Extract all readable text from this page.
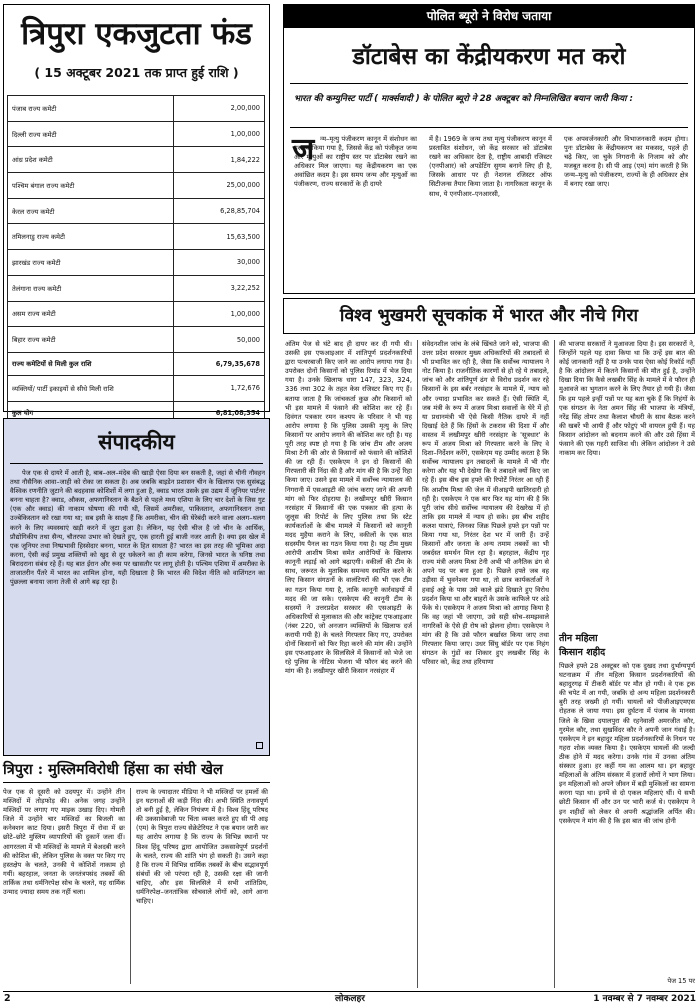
त्रिपुरा एकजुटता फंड
( 15 अक्टूबर 2021 तक प्राप्त हुई राशि )
पंजाब राज्य कमेटी	2,00,000
दिल्ली राज्य कमेटी	1,00,000
आंध्र प्रदेश कमेटी	1,84,222
पश्चिम बंगाल राज्य कमेटी	25,00,000
केरल राज्य कमेटी	6,28,85,704
तमिलनाडु राज्य कमेटी	15,63,500
झारखंड राज्य कमेटी	30,000
तेलंगाना राज्य कमेटी	3,22,252
असम राज्य कमेटी	1,00,000
बिहार राज्य कमेटी	50,000
राज्य कमेटियों से मिली कुल राशि	6,79,35,678
व्यक्तियों/ पार्टी इकाइयों से सीधे मिली राशि	1,72,676
कुल योग	6,81,08,354
संपादकीय
पेज एक से दायरे में आती है, बाब–अल–मंदेब की खाड़ी ऐसा दिया बन सकती है, जहां से चीनी नौवहन तथा नौसैनिक आवा–जाही को रोका जा सकता है। अब जबकि बाइडेन प्रशासन चीन के खिलाफ एक सुसंबद्ध वैश्विक रणनीति जुटाने की बदहवास कोशिशों में लगा हुआ है, क्वाड भारत उसके इस उद्यम में जूनियर पार्टनर बनना चाहता है? क्वाड, औकस, अफगानिस्तान के बैठने से पहले मध्य एशिया के लिए चार देशों के जिस गुट (एक और क्वाड) की नाकाम घोषणा की गयी थी, जिसमें अमरीका, पाकिस्तान, अफगानिस्तान तथा उज्बेकिस्तान को रखा गया था; सब इसी के साक्ष्य हैं कि अमरीका, चीन की घेरेबंदी करने वाला अलग–थलग करने के लिए व्यवस्थाएं खड़ी करने में जुटा हुआ है। लेकिन, यह ऐसी चीज है जो चीन के आर्थिक, प्रौद्योगिकीय तथा सैन्य, चौतरफा उभार को देखते हुए, एक हारती हुई बाजी नजर आती है। क्या इस खेल में एक जूनियर तथा निष्प्रभावी हिस्सेदार बनना, भारत के हित साधता है? भारत का इस तरह की भूमिका अदा करना, ऐसी कई प्रमुख शक्तियों को खुद से दूर धकेलने का ही काम करेगा, जिनसे भारत के घनिष्ठ तथा बिरादराना संबंध रहे हैं। यह बात ईरान और रूस पर खासतौर पर लागू होती है। पश्चिम एशिया में अमरीका के ताजातरीन पैंतरे में भारत का शामिल होना, यही दिखाता है कि भारत की विदेश नीति को वाशिंगटन का पुंछल्ला बनाया जाना तेजी से आगे बढ़ रहा है।
त्रिपुरा : मुस्लिमविरोधी हिंसा का संघी खेल
पेज एक से दूसरी को उदयपुर में। उन्होंने तीन मस्जिदों में तोड़फोड़ की। अनेक जगह उन्होंने मस्जिदों पर लगाए गए माइक उखाड़ दिए। गोमती जिले में उन्होंने चार मस्जिदों का बिजली का कनेक्शन काट दिया। इसरी त्रिपुरा में रोवा में छः छोटे–छोटे मुस्लिम व्यापारियों की दुकानें जला दीं। आगरतला में भी मस्जिदों के मामले में बेअदबी करने की कोशिश की, लेकिन पुलिस के वक्त पर किए गए हस्तक्षेप के चलते, उनकी ये कोशिशें नाकाम हो गयीं। बहरहाल, जनता के जनतंत्रपसंद तबकों की तार्किक तथा धर्मनिरपेक्ष सोच के चलते, यह धार्मिक उन्माद ज्यादा समय तक नहीं चला।
राज्य के ज्यादातर मीडिया ने भी मस्जिदों पर हमलों की इन घटनाओं की कड़ी निंदा की। अभी स्थिति तनावपूर्ण तो बनी हुई है, लेकिन नियंत्रण में है। विश्व हिंदू परिषद की उकसावेबाजी पर चिंता व्यक्त करते हुए सी पी आइ (एम) के त्रिपुरा राज्य सेक्रेटेरियट ने एक बयान जारी कर यह आरोप लगाया है कि राज्य के विभिन्न स्थानों पर विश्व हिंदू परिषद द्वारा आयोजित उकसावेपूर्ण प्रदर्शनों के चलते, राज्य की शांति भंग हो सकती है। उसने कहा है कि राज्य में विभिन्न धार्मिक तबकों के बीच सद्भावपूर्ण संबंधों की जो परंपरा रही है, उसकी रक्षा की जानी चाहिए, और इस सिलसिले में सभी शांतिप्रिय, धर्मनिरपेक्ष–जनतांत्रिक सोचवाले लोगों को, आगे आना चाहिए।
पोलित ब्यूरो ने विरोध जताया
डॉटाबेस का केंद्रीयकरण मत करो
भारत की कम्युनिस्ट पार्टी ( मार्क्सवादी ) के पोलित ब्यूरो ने 28 अक्टूबर को निम्नलिखित बयान जारी किया :
ज न्म–मृत्यु पंजीकरण कानून में संशोधन का प्रस्ताव किया गया है, जिससे केंद्र को पंजीकृत जन्म और मृत्युओं का राष्ट्रीय स्तर पर डॉटाबेस रखने का अधिकार मिल जाएगा। यह केंद्रीयकरण का एक अवांछित कदम है। इस समय जन्म और मृत्युओं का पंजीकरण, राज्य सरकारों के ही दायरे
में है। 1969 के जन्म तथा मृत्यु पंजीकरण कानून में प्रस्तावित संशोधन, जो केंद्र सरकार को डॉटाबेस रखने का अधिकार देता है, राष्ट्रीय आबादी रजिस्टर (एनपीआर) को अपडेटिंग सुगम बनाने लिए ही है, जिसके आधार पर ही नेशनल रजिस्टर ऑफ सिटीजन्स तैयार किया जाता है। नागरिकता कानून के साथ, ये एनपीआर–एनआरसी,
एक अपवर्जनकारी और विभाजनकारी कदम होगा। पुनः डॉटाबेस के केंद्रीयकरण का मकसद, पहले ही चढ़े किए, जा चुके निगरानी के निजाम को और मजबूत करना है। सी पी आइ (एम) मांग करती है कि जन्म–मृत्यु को पंजीकरण, राज्यों के ही अधिकार क्षेत्र में बनाए रखा जाए।
विश्व भुखमरी सूचकांक में भारत और नीचे गिरा
अंतिम पेज से घंटे बाद ही दायर कर दी गयी थी। उसकी इस एफआइआर में शांतिपूर्ण प्रदर्शनकारियों द्वारा पत्थरबाजी किए जाने का आरोप लगाया गया है। उपरोक्त दोनों किसानों को पुलिस रिमांड में भेज दिया गया है। उनके खिलाफ धारा 147, 323, 324, 336 तथा 302 के तहत केस रजिस्टर किए गए हैं। बताया जाता है कि जांचकर्ता कुछ और किसानों को भी इस मामले में फंसाने की कोशिश कर रहे हैं। दिवंगत पत्रकार रमन कश्यप के परिवार ने भी यह आरोप लगाया है कि पुलिस उसकी मृत्यु के लिए किसानों पर आरोप लगाने की कोशिश कर रही है। यह पूरी तरह स्पष्ट हो गया है कि जांच टीम और अजय मिश्रा टेनी की ओर से किसानों को फंसाने की कोशिशें की जा रही हैं। एसकेएम ने इन दो किसानों की गिरफ्तारी की निंदा की है और मांग की है कि उन्हें रिहा किया जाए। उसने इस मामले में सर्वोच्च न्यायालय की निगरानी में एसआइटी की जांच कराए जाने की अपनी मांग को फिर दोहराया है। लखीमपुर खीरी किसान नरसंहार में किसानों की एक पत्रकार की हत्या के जुलूस की रिपोर्ट के लिए पुलिस तथा कि स्टेट कार्यकर्ताओं के बीच मामले में किसानों को कानूनी मदद मुहैया कराने के लिए, वकीलों के एक सात सदस्यीय पैनल का गठन किया गया है। यह टीम मुख्य आरोपी आशीष मिश्रा समेत आरोपियों के खिलाफ कानूनी लड़ाई को आगे बढ़ाएगी। वकीलों की टीम के साथ, जरूरत के मुताबिक समन्वय स्थापित करने के लिए किसान संगठनों के वालंटियरों की भी एक टीम का गठन किया गया है, ताकि कानूनी कार्रवाइयों में मदद की जा सके। एसकेएम की कानूनी टीम के सदस्यों ने उत्तरप्रदेश सरकार की एसआइटी के अधिकारियों से मुलाकात की और कांट्रेक्ट एफआइआर (नंबर 220, जो अनजान व्यक्तियों के खिलाफ दर्ज करायी गयी है) के चलते गिरफ्तार किए गए, उपरोक्त दोनों किसानों को फिर रिहा करने की मांग की। उन्होंने इस एफआइआर के सिलसिले में किसानों को भेजे जा रहे पुलिस के नोटिस भेजना भी फौरन बंद करने की मांग की है। लखीमपुर खीरी किसान नरसंहार में
संवेदनशील जांच के लंबे खिंचते जाने को, भाजपा की उत्तर प्रदेश सरकार मुख्य अधिकारियों की तबादलों से भी प्रभावित कर रही है, जैसा कि सर्वोच्च न्यायालय ने नोट किया है। राजनीतिक कारणों से हो रहे ये तबादले, जांच को और शांतिपूर्ण ढंग से विरोध प्रदर्शन कर रहे किसानों के इस बर्बर नरसंहार के मामले में, न्याय को और ज्यादा प्रभावित कर सकते हैं। ऐसी स्थिति में, जब मंत्री के रूप में अजय मिश्रा सवालों के घेरे में हो या प्रधानमंत्री भी ऐसे किसी नैतिक दायरे में नहीं दिखाई देते हैं कि हिंसों के टकराव की दिशा में और वास्तव में लखीमपुर खीरी नरसंहार के 'सूत्रधार' के रूप में अजय मिश्रा को गिरफ्तार करने के लिए वे दिशा–निर्देशन करेंगे, एसकेएम यह उम्मीद करता है कि सर्वोच्च न्यायालय इन तबादलों के मामले में भी गौर करेगा और यह भी देखेगा कि ये तबादले क्यों किए जा रहे हैं। इस बीच इस हफ्ते की रिपोर्टें निरंतर आ रही हैं कि आशीष मिश्रा की जेल में वीआइपी खातिरदारी हो रही है। एसकेएम ने एक बार फिर यह मांग की है कि पूरी जांच सीधे सर्वोच्च न्यायालय की देखरेख में हो ताकि इस मामले में न्याय हो सके। इस बीच शहीद कलश यात्राएं, जिनका जिक्र पिछले हफ्ते इन पन्नों पर किया गया था, निरंतर देश भर में जारी हैं। उन्हें किसानों और जनता के अन्य तमाम तबकों का भी जबर्दस्त समर्थन मिल रहा है। बहरहाल, केंद्रीय गृह राज्य मंत्री अजय मिश्रा टेनी अभी भी अनैतिक ढंग से अपने पद पर बना हुआ है। पिछले हफ्ते जब वह उड़ीसा में भुवनेश्वर गया था, तो छात्र कार्यकर्ताओं ने हवाई अड्डे के पास उसे काले झंडे दिखाते हुए विरोध प्रदर्शन किया था और बाहरों के उसके काफिले पर अंडे फेंके थे। एसकेएम ने अजय मिश्रा को आगाह किया है कि वह जहां भी जाएगा, उसे सही सोच–समझवाले नागरिकों के ऐसे ही रोष को झेलना होगा। एसकेएम ने मांग की है कि उसे फौरन बर्खास्त किया जाए तथा गिरफ्तार किया जाए। उधर सिंघु बॉर्डर पर एक निहंग संगठन के गुंडों का शिकार हुए लखबीर सिंह के परिवार को, केंद्र तथा हरियाणा
की भाजपा सरकारों ने मुआवजा दिया है। इस सरकारों ने, जिन्होंने पहले यह दावा किया था कि उन्हें इस बात की कोई जानकारी नहीं है या उनके पास ऐसा कोई रिकॉर्ड नहीं है कि आंदोलन में कितने किसानों की मौत हुई है, उन्होंने दिखा दिया कि कैसे लखबीर सिंह के मामले में वे फौरन ही मुआवजे का भुगतान करने के लिए तैयार हो गयी हैं। जैसा कि हम पहले इन्हीं पन्नों पर यह बता चुके हैं कि निहंगों के एक संगठन के नेता अमन सिंह की भाजपा के मंत्रियों, नरेंद्र सिंह तोमर तथा कैलाश चौधरी के साथ बैठक करने की खबरें भी आयी हैं और फोटुएं भी वायरल हुयी हैं। यह किसान आंदोलन को बदनाम करने की और उसे हिंसा में फंसाने की एक गहरी साजिश थी। लेकिन आंदोलन ने उसे नाकाम कर दिया।
तीन महिला
किसान शहीद
पिछले हफ्ते 28 अक्टूबर को एक दुखद तथा दुर्भाग्यपूर्ण घटनाक्रम में तीन महिला किसान प्रदर्शनकारियों की बहादुरगढ़ में टीकरी बॉर्डर पर मौत हो गयी। वे एक ट्रक की चपेट में आ गयी, जबकि दो अन्य महिला प्रदर्शनकारी बुरी तरह जख्मी हो गयीं। घायलों को पीजीआइएमएस रोहतक ले जाया गया। इस दुर्घटना में पंजाब के मानसा जिले के खिवा दयालपुरा की रहनेवाली अमरजीत कौर, गुरमेल कौर, तथा सुखविंदर कौर ने अपनी जान गंवाई है। एसकेएम ने इन बहादुर महिला प्रदर्शनकारियों के निधन पर गहरा शोक व्यक्त किया है। एसकेएम घायलों की जल्दी ठीक होने में मदद करेगा। उनके गांव में उनका अंतिम संस्कार हुआ। हर कहीं गम का आलम था। इन बहादुर महिलाओं के अंतिम संस्कार में हजारों लोगों ने भाग लिया। इन महिलाओं को अपने जीवन में बड़ी मुश्किलों का सामना करना पड़ा था। इनमें से दो एकल महिलाएं थीं। ये सभी छोटी किसान थीं और उन पर भारी कर्ज थे। एसकेएम ने इन शहीदों को लेकर से अपनी श्रद्धांजलि अर्पित की। एसकेएम ने मांग की है कि इस बात की जांच होनी
पेज 15 पर
2	लोकलहर	1 नवम्बर से 7 नवम्बर 2021
